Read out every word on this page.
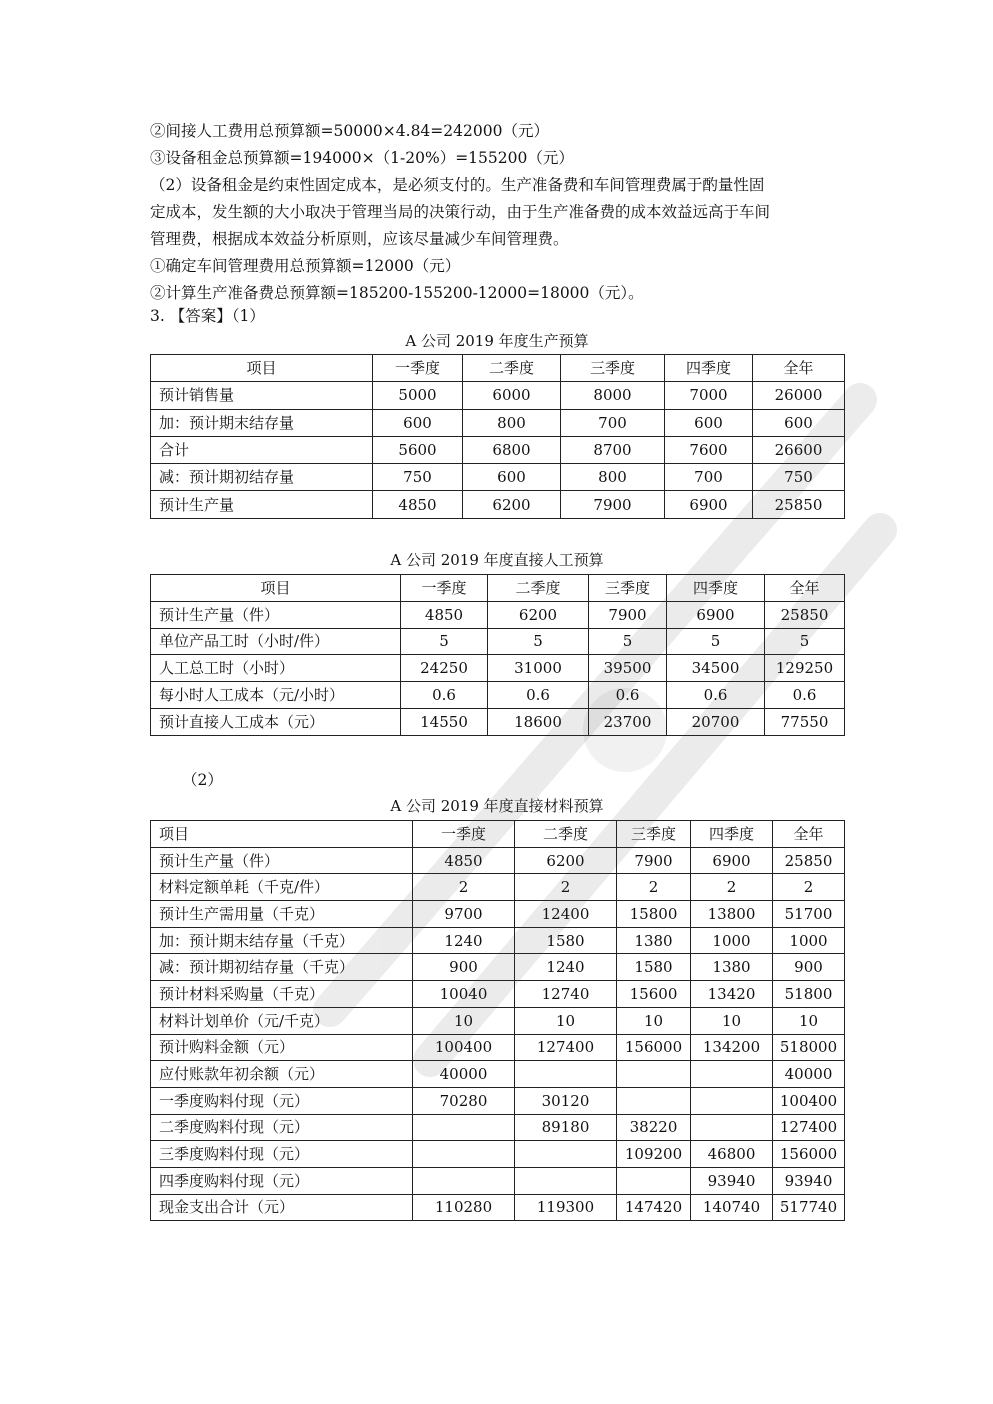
②间接人工费用总预算额=50000×4.84=242000（元）
③设备租金总预算额=194000×（1-20%）=155200（元）
（2）设备租金是约束性固定成本，是必须支付的。生产准备费和车间管理费属于酌量性固
定成本，发生额的大小取决于管理当局的决策行动，由于生产准备费的成本效益远高于车间
管理费，根据成本效益分析原则，应该尽量减少车间管理费。
①确定车间管理费用总预算额=12000（元）
②计算生产准备费总预算额=185200-155200-12000=18000（元）。
3. 【答案】（1）
A 公司 2019 年度生产预算
项目	一季度	二季度	三季度	四季度	全年
预计销售量	5000	6000	8000	7000	26000
加：预计期末结存量	600	800	700	600	600
合计	5600	6800	8700	7600	26600
减：预计期初结存量	750	600	800	700	750
预计生产量	4850	6200	7900	6900	25850
A 公司 2019 年度直接人工预算
项目	一季度	二季度	三季度	四季度	全年
预计生产量（件）	4850	6200	7900	6900	25850
单位产品工时（小时/件）	5	5	5	5	5
人工总工时（小时）	24250	31000	39500	34500	129250
每小时人工成本（元/小时）	0.6	0.6	0.6	0.6	0.6
预计直接人工成本（元）	14550	18600	23700	20700	77550
（2）
A 公司 2019 年度直接材料预算
项目	一季度	二季度	三季度	四季度	全年
预计生产量（件）	4850	6200	7900	6900	25850
材料定额单耗（千克/件）	2	2	2	2	2
预计生产需用量（千克）	9700	12400	15800	13800	51700
加：预计期末结存量（千克）	1240	1580	1380	1000	1000
减：预计期初结存量（千克）	900	1240	1580	1380	900
预计材料采购量（千克）	10040	12740	15600	13420	51800
材料计划单价（元/千克）	10	10	10	10	10
预计购料金额（元）	100400	127400	156000	134200	518000
应付账款年初余额（元）	40000				40000
一季度购料付现（元）	70280	30120			100400
二季度购料付现（元）		89180	38220		127400
三季度购料付现（元）			109200	46800	156000
四季度购料付现（元）				93940	93940
现金支出合计（元）	110280	119300	147420	140740	517740
